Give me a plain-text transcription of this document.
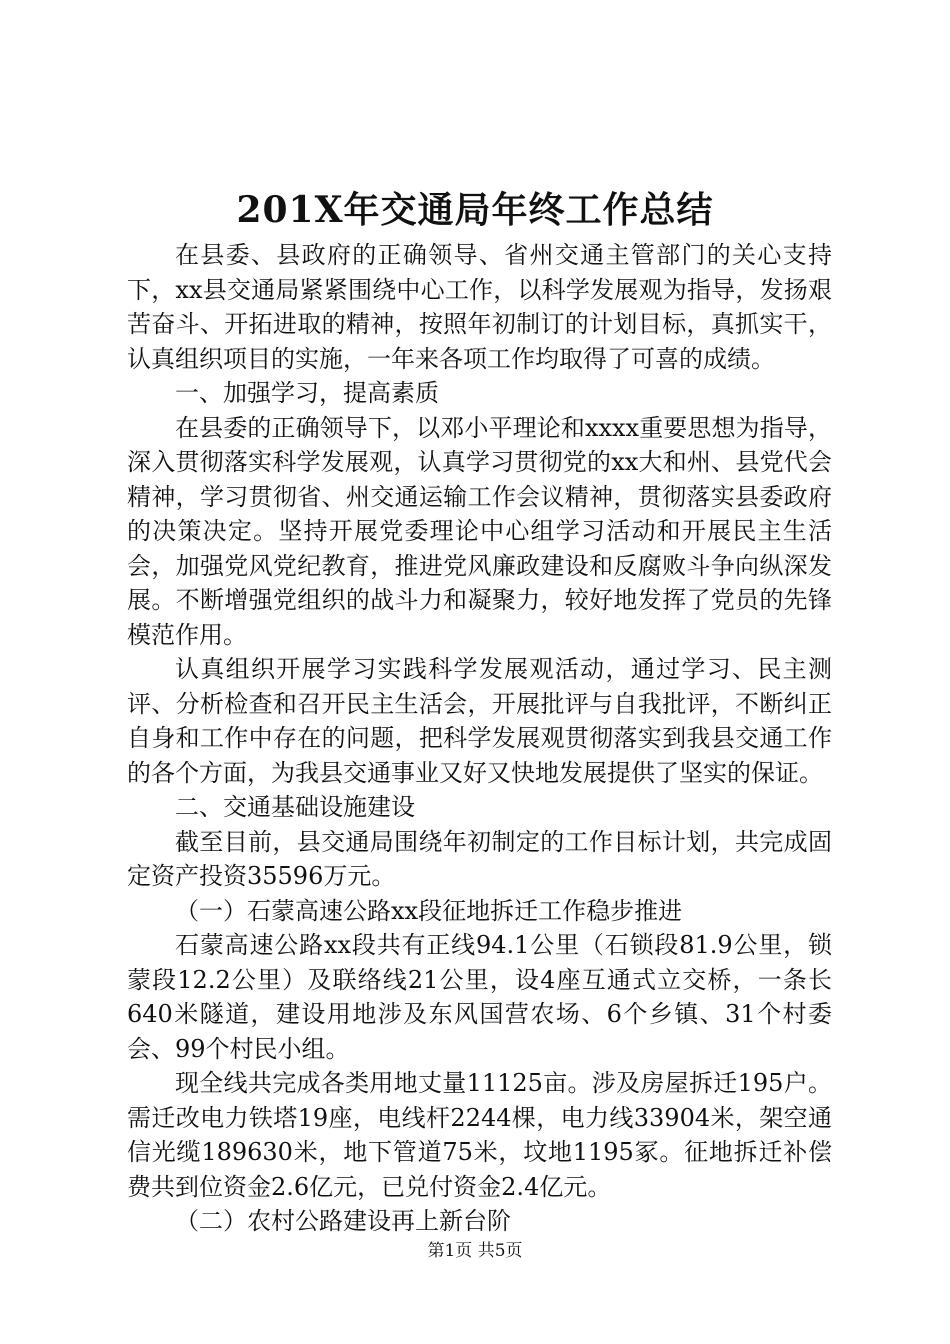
201X年交通局年终工作总结

在县委、县政府的正确领导、省州交通主管部门的关心支持下，xx县交通局紧紧围绕中心工作，以科学发展观为指导，发扬艰苦奋斗、开拓进取的精神，按照年初制订的计划目标，真抓实干，认真组织项目的实施，一年来各项工作均取得了可喜的成绩。

一、加强学习，提高素质

在县委的正确领导下，以邓小平理论和xxxx重要思想为指导，深入贯彻落实科学发展观，认真学习贯彻党的xx大和州、县党代会精神，学习贯彻省、州交通运输工作会议精神，贯彻落实县委政府的决策决定。坚持开展党委理论中心组学习活动和开展民主生活会，加强党风党纪教育，推进党风廉政建设和反腐败斗争向纵深发展。不断增强党组织的战斗力和凝聚力，较好地发挥了党员的先锋模范作用。

认真组织开展学习实践科学发展观活动，通过学习、民主测评、分析检查和召开民主生活会，开展批评与自我批评，不断纠正自身和工作中存在的问题，把科学发展观贯彻落实到我县交通工作的各个方面，为我县交通事业又好又快地发展提供了坚实的保证。

二、交通基础设施建设

截至目前，县交通局围绕年初制定的工作目标计划，共完成固定资产投资35596万元。

（一）石蒙高速公路xx段征地拆迁工作稳步推进

石蒙高速公路xx段共有正线94.1公里（石锁段81.9公里，锁蒙段12.2公里）及联络线21公里，设4座互通式立交桥，一条长640米隧道，建设用地涉及东风国营农场、6个乡镇、31个村委会、99个村民小组。

现全线共完成各类用地丈量11125亩。涉及房屋拆迁195户。需迁改电力铁塔19座，电线杆2244棵，电力线33904米，架空通信光缆189630米，地下管道75米，坟地1195冢。征地拆迁补偿费共到位资金2.6亿元，已兑付资金2.4亿元。

（二）农村公路建设再上新台阶

第1页 共5页
